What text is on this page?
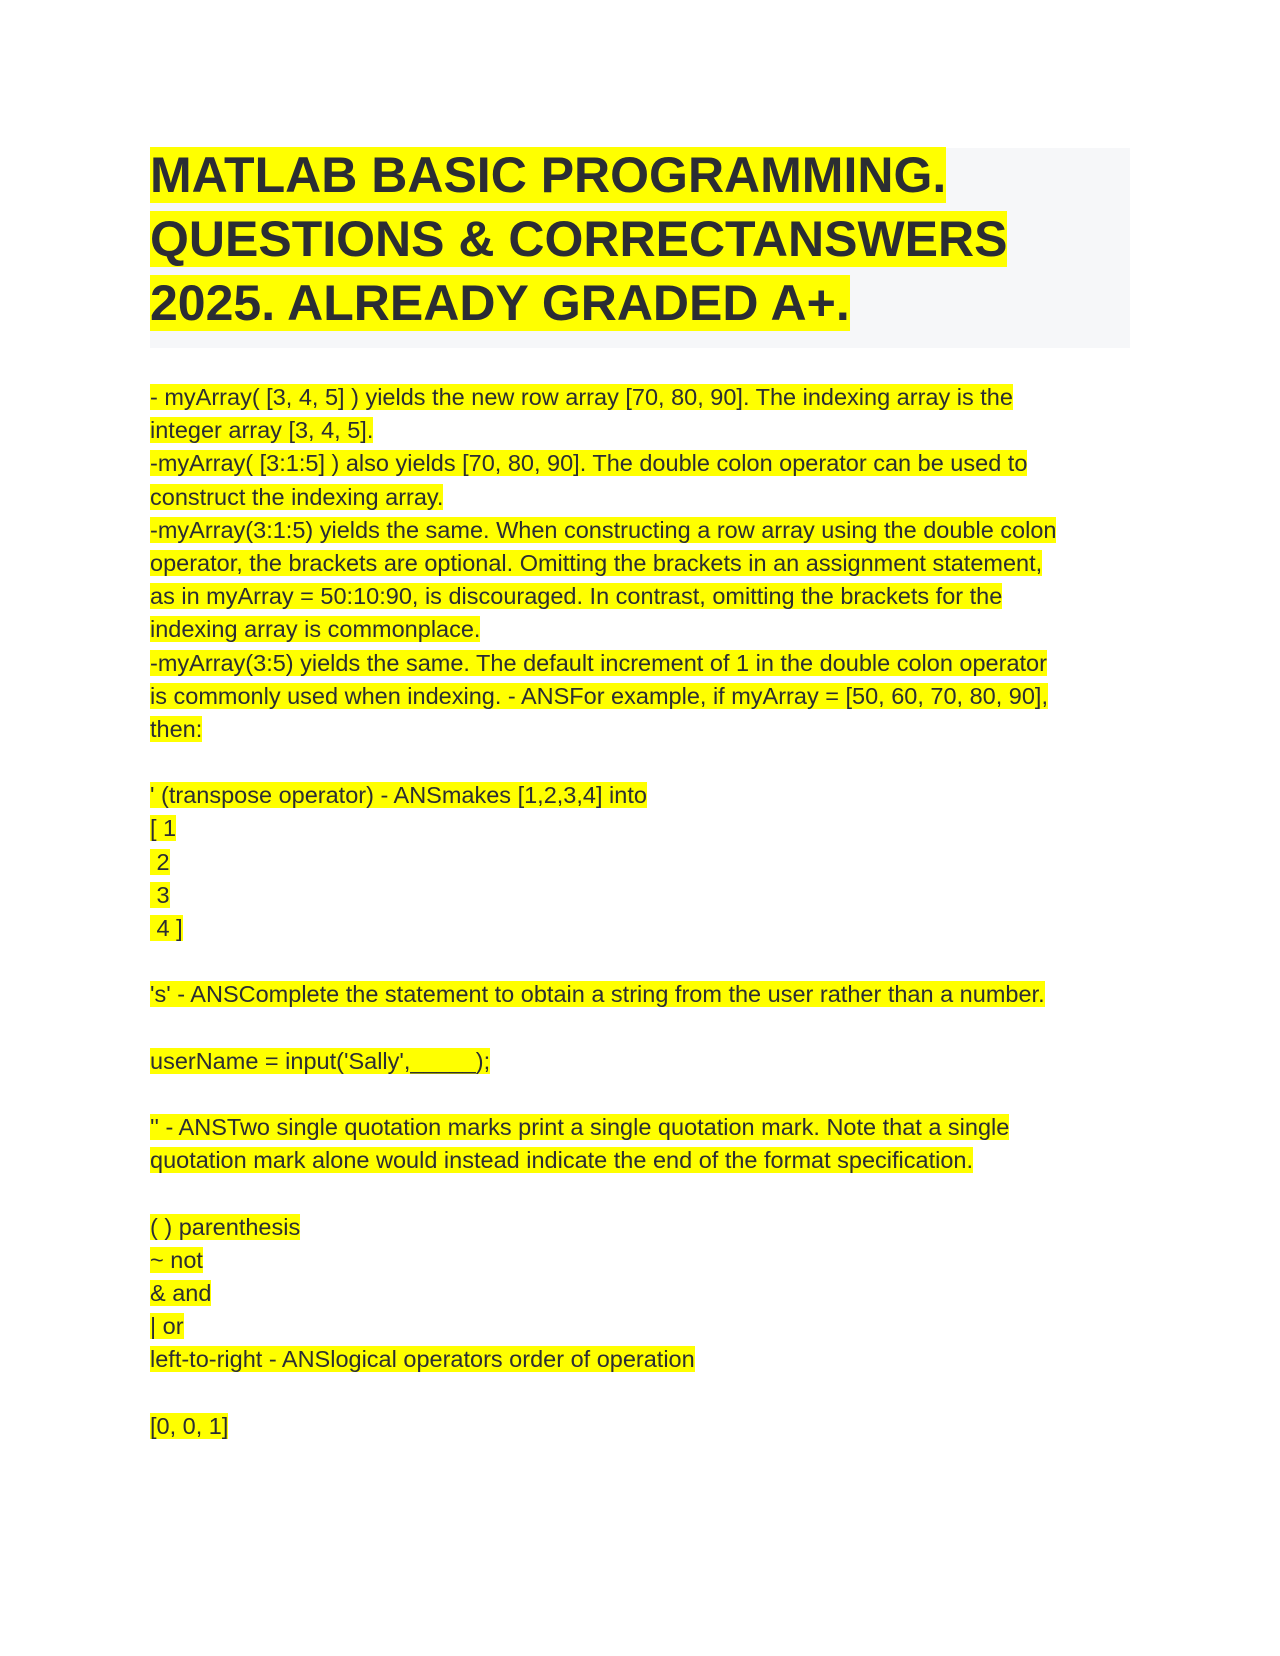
MATLAB BASIC PROGRAMMING.
QUESTIONS & CORRECTANSWERS
2025. ALREADY GRADED A+.
- myArray( [3, 4, 5] ) yields the new row array [70, 80, 90]. The indexing array is the
integer array [3, 4, 5].
-myArray( [3:1:5] ) also yields [70, 80, 90]. The double colon operator can be used to
construct the indexing array.
-myArray(3:1:5) yields the same. When constructing a row array using the double colon
operator, the brackets are optional. Omitting the brackets in an assignment statement,
as in myArray = 50:10:90, is discouraged. In contrast, omitting the brackets for the
indexing array is commonplace.
-myArray(3:5) yields the same. The default increment of 1 in the double colon operator
is commonly used when indexing. - ANSFor example, if myArray = [50, 60, 70, 80, 90],
then:
' (transpose operator) - ANSmakes [1,2,3,4] into
[ 1
2
3
4 ]
's' - ANSComplete the statement to obtain a string from the user rather than a number.
userName = input('Sally',_____);
'' - ANSTwo single quotation marks print a single quotation mark. Note that a single
quotation mark alone would instead indicate the end of the format specification.
( ) parenthesis
~ not
& and
| or
left-to-right - ANSlogical operators order of operation
[0, 0, 1]
